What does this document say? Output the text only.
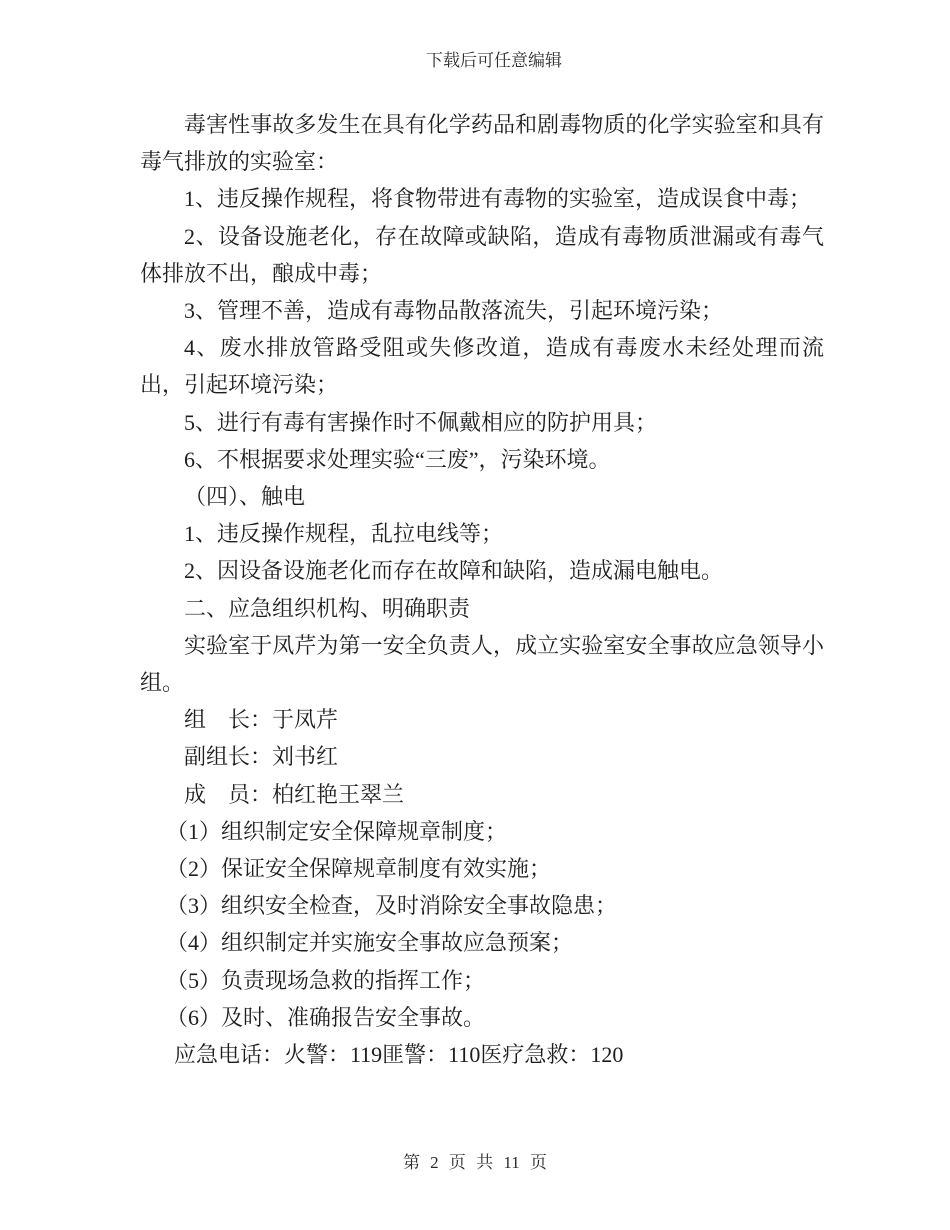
下载后可任意编辑

毒害性事故多发生在具有化学药品和剧毒物质的化学实验室和具有毒气排放的实验室：

1、违反操作规程，将食物带进有毒物的实验室，造成误食中毒；

2、设备设施老化，存在故障或缺陷，造成有毒物质泄漏或有毒气体排放不出，酿成中毒；

3、管理不善，造成有毒物品散落流失，引起环境污染；

4、废水排放管路受阻或失修改道，造成有毒废水未经处理而流出，引起环境污染；

5、进行有毒有害操作时不佩戴相应的防护用具；

6、不根据要求处理实验“三废”，污染环境。

（四）、触电

1、违反操作规程，乱拉电线等；

2、因设备设施老化而存在故障和缺陷，造成漏电触电。

二、应急组织机构、明确职责

实验室于凤芹为第一安全负责人，成立实验室安全事故应急领导小组。

组　长：于凤芹

副组长：刘书红

成　员：柏红艳王翠兰

（1）组织制定安全保障规章制度；

（2）保证安全保障规章制度有效实施；

（3）组织安全检查，及时消除安全事故隐患；

（4）组织制定并实施安全事故应急预案；

（5）负责现场急救的指挥工作；

（6）及时、准确报告安全事故。

应急电话：火警：119匪警：110医疗急救：120

第 2 页 共 11 页
